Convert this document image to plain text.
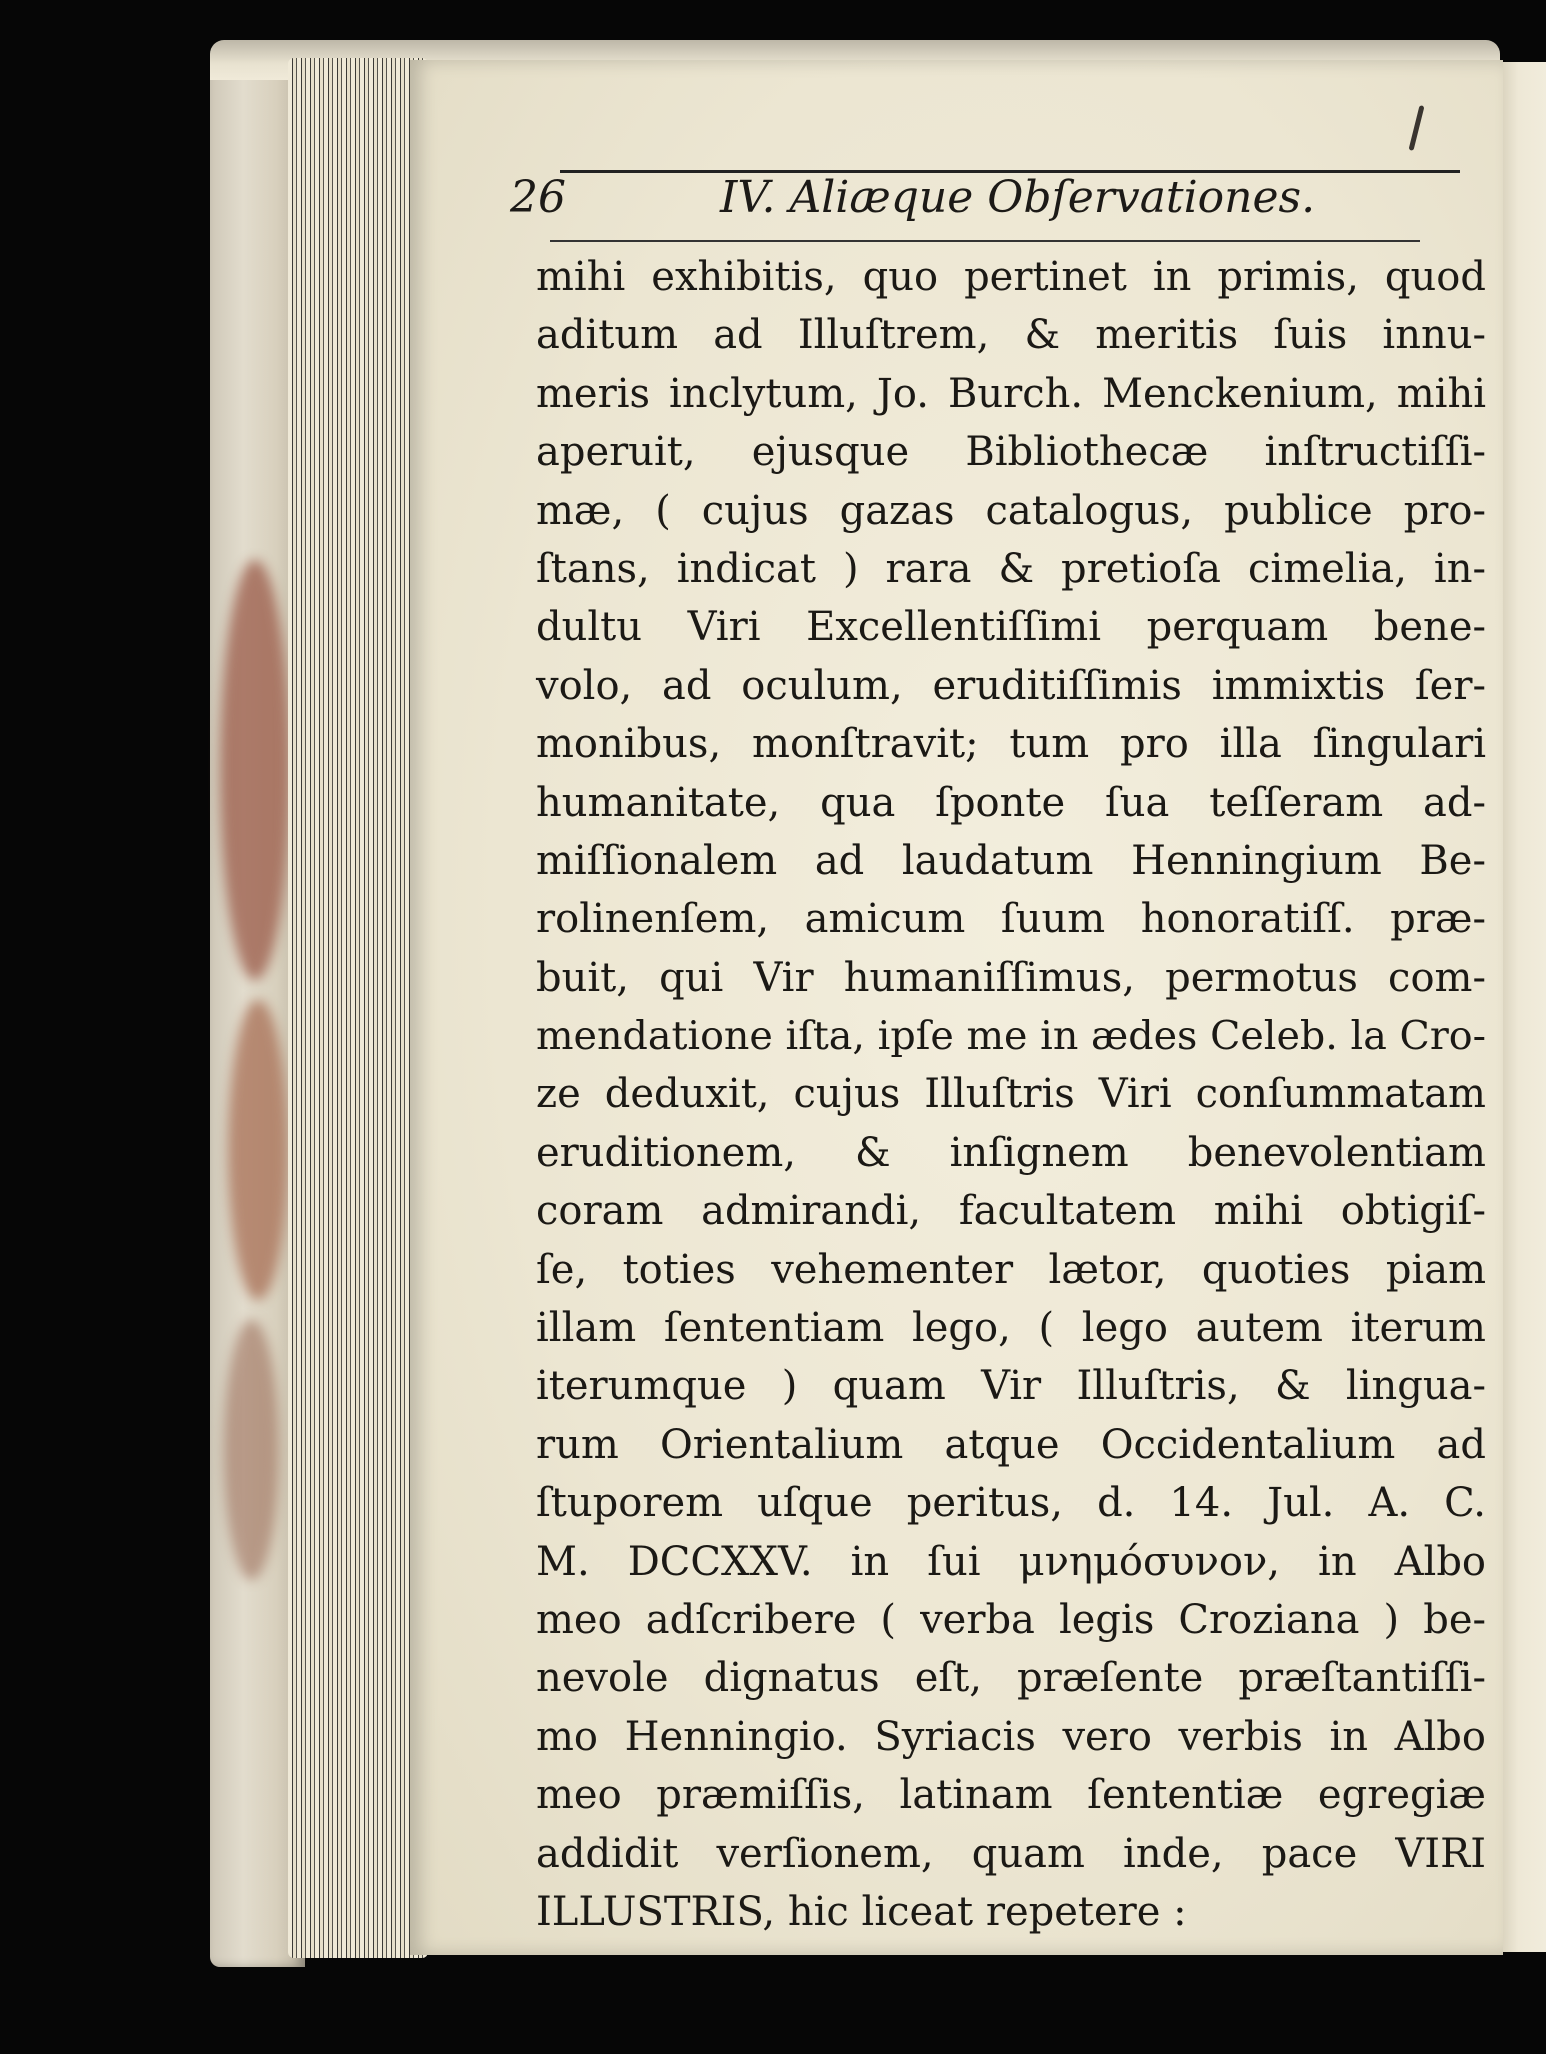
26	IV. Aliæque Obſervationes.
mihi exhibitis, quo pertinet in primis, quod
aditum ad Illuſtrem, & meritis ſuis innu-
meris inclytum, Jo. Burch. Menckenium, mihi
aperuit, ejusque Bibliothecæ inſtructiſſi-
mæ, ( cujus gazas catalogus, publice pro-
ſtans, indicat ) rara & pretioſa cimelia, in-
dultu Viri Excellentiſſimi perquam bene-
volo, ad oculum, eruditiſſimis immixtis ſer-
monibus, monſtravit; tum pro illa ſingulari
humanitate, qua ſponte ſua teſſeram ad-
miſſionalem ad laudatum Henningium Be-
rolinenſem, amicum ſuum honoratiſſ. præ-
buit, qui Vir humaniſſimus, permotus com-
mendatione iſta, ipſe me in ædes Celeb. la Cro-
ze deduxit, cujus Illuſtris Viri conſummatam
eruditionem, & inſignem benevolentiam
coram admirandi, facultatem mihi obtigiſ-
ſe, toties vehementer lætor, quoties piam
illam ſententiam lego, ( lego autem iterum
iterumque ) quam Vir Illuſtris, & lingua-
rum Orientalium atque Occidentalium ad
ſtuporem uſque peritus, d. 14. Jul. A. C.
M. DCCXXV. in ſui μνημόσυνον, in Albo
meo adſcribere ( verba legis Croziana ) be-
nevole dignatus eſt, præſente præſtantiſſi-
mo Henningio. Syriacis vero verbis in Albo
meo præmiſſis, latinam ſententiæ egregiæ
addidit verſionem, quam inde, pace VIRI
ILLUSTRIS, hic liceat repetere :
